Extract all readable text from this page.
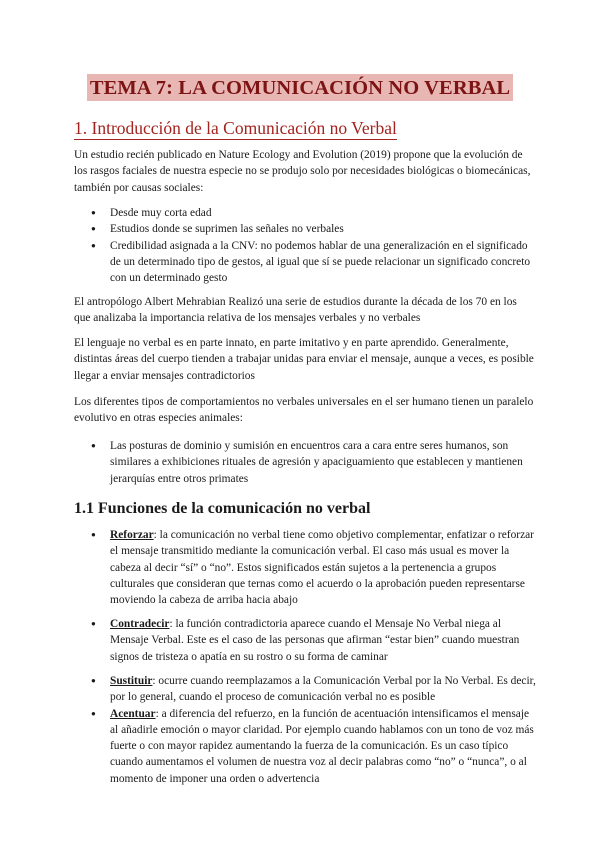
TEMA 7: LA COMUNICACIÓN NO VERBAL
1. Introducción de la Comunicación no Verbal

Un estudio recién publicado en Nature Ecology and Evolution (2019) propone que la evolución de los rasgos faciales de nuestra especie no se produjo solo por necesidades biológicas o biomecánicas, también por causas sociales:

● Desde muy corta edad
● Estudios donde se suprimen las señales no verbales
● Credibilidad asignada a la CNV: no podemos hablar de una generalización en el significado de un determinado tipo de gestos, al igual que sí se puede relacionar un significado concreto con un determinado gesto

El antropólogo Albert Mehrabian Realizó una serie de estudios durante la década de los 70 en los que analizaba la importancia relativa de los mensajes verbales y no verbales

El lenguaje no verbal es en parte innato, en parte imitativo y en parte aprendido. Generalmente, distintas áreas del cuerpo tienden a trabajar unidas para enviar el mensaje, aunque a veces, es posible llegar a enviar mensajes contradictorios

Los diferentes tipos de comportamientos no verbales universales en el ser humano tienen un paralelo evolutivo en otras especies animales:

● Las posturas de dominio y sumisión en encuentros cara a cara entre seres humanos, son similares a exhibiciones rituales de agresión y apaciguamiento que establecen y mantienen jerarquías entre otros primates
1.1 Funciones de la comunicación no verbal
● Reforzar: la comunicación no verbal tiene como objetivo complementar, enfatizar o reforzar el mensaje transmitido mediante la comunicación verbal. El caso más usual es mover la cabeza al decir “sí” o “no”. Estos significados están sujetos a la pertenencia a grupos culturales que consideran que ternas como el acuerdo o la aprobación pueden representarse moviendo la cabeza de arriba hacia abajo
● Contradecir: la función contradictoria aparece cuando el Mensaje No Verbal niega al Mensaje Verbal. Este es el caso de las personas que afirman “estar bien” cuando muestran signos de tristeza o apatía en su rostro o su forma de caminar
● Sustituir: ocurre cuando reemplazamos a la Comunicación Verbal por la No Verbal. Es decir, por lo general, cuando el proceso de comunicación verbal no es posible
● Acentuar: a diferencia del refuerzo, en la función de acentuación intensificamos el mensaje al añadirle emoción o mayor claridad. Por ejemplo cuando hablamos con un tono de voz más fuerte o con mayor rapidez aumentando la fuerza de la comunicación. Es un caso típico cuando aumentamos el volumen de nuestra voz al decir palabras como “no” o “nunca”, o al momento de imponer una orden o advertencia
